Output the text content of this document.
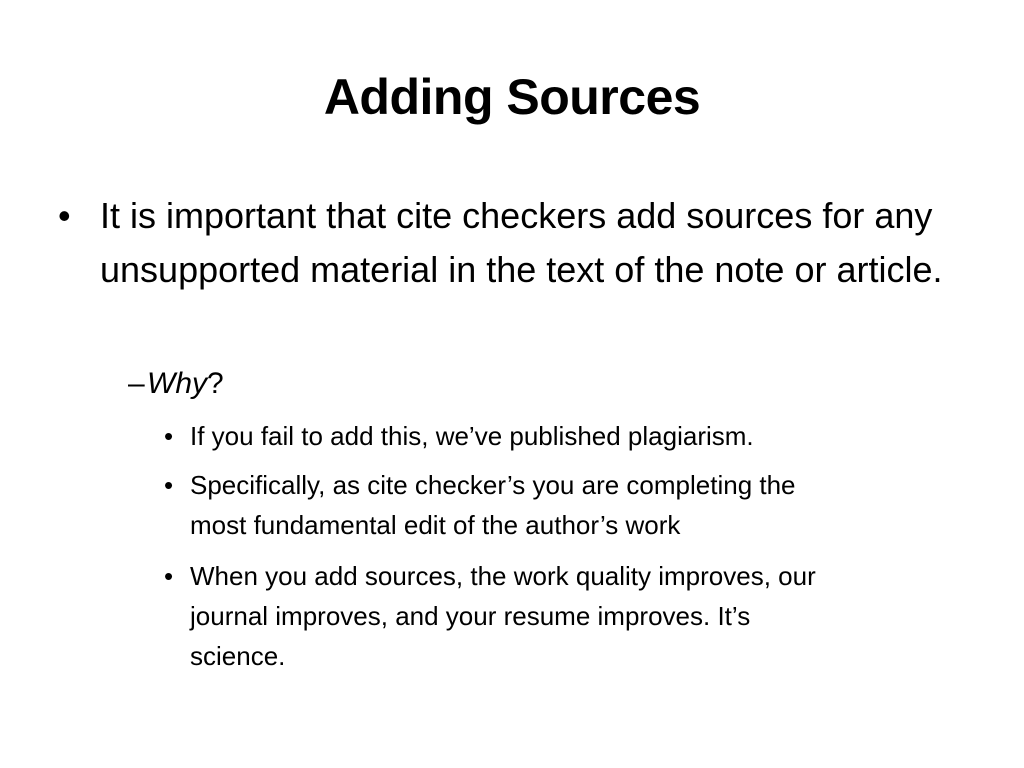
Adding Sources
• It is important that cite checkers add sources for any unsupported material in the text of the note or article.
– Why?
• If you fail to add this, we’ve published plagiarism.
• Specifically, as cite checker’s you are completing the
most fundamental edit of the author’s work
• When you add sources, the work quality improves, our
journal improves, and your resume improves. It’s
science.
